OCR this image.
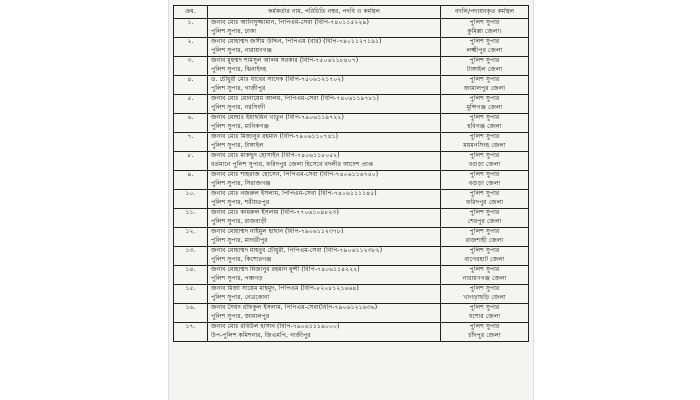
ক্রম.	কর্মকর্তার নাম, পরিচিতি নম্বর, পদবি ও কর্মস্থল	বদলি/পদায়নকৃত কর্মস্থল
১.	জনাব মোঃ আনিসুজ্জামান, পিপিএম-সেবা (বিপি-৭৪০১১৫২২৯)
পুলিশ সুপার, ঢাকা	পুলিশ সুপার
কুমিল্লা জেলা।

২.	জনাব মোহাম্মদ জসীম উদ্দিন, পিপিএম (বার) (বিপি-৭৪০১১২৭১৯১)
পুলিশ সুপার, নারায়ণগঞ্জ	পুলিশ সুপার
লক্ষ্মীপুর জেলা

৩.	জনাব মুহম্মদ শামসুল আলম সরকার (বিপি-৭৫০৬১১৮৪০৭)
পুলিশ সুপার, ঝিনাইদহ	পুলিশ সুপার
টাঙ্গাইল জেলা

৪.	ড. চৌধুরী মোঃ যাবের সাদেক (বিপি-৭৫০৬১২১৭০২)
পুলিশ সুপার, গাজীপুর	পুলিশ সুপার
জামালপুর জেলা

৫.	জনাব মোঃ মোনায়েম আলম, পিপিএম-সেবা (বিপি-৭৪০৬১১৯৭৮১)
পুলিশ সুপার, নরসিংদী	পুলিশ সুপার
মুন্সিগঞ্জ জেলা

৬.	জনাব মোছাঃ ইয়াছমিন খাতুন (বিপি-৭৯০৬১১৯৭২২)
পুলিশ সুপার, মানিকগঞ্জ	পুলিশ সুপার
হবিগঞ্জ জেলা

৭.	জনাব মোঃ মিজানুর রহমান (বিপি-৭৯০৬১১০৭৪১)
পুলিশ সুপার, টাঙ্গাইল	পুলিশ সুপার
ময়মনসিংহ জেলা

৮.	জনাব মোঃ মাকছুদ হোসাইন (বিপি-৭৪০৬১১৮০৫২)
বর্তমানে পুলিশ সুপার, ফরিদপুর জেলা হিসেবে বদলীর আদেশ প্রাপ্ত	পুলিশ সুপার
বগুড়া জেলা

৯.	জনাব মোঃ শাহরাজ হোসেন, পিপিএম-সেবা (বিপি-৭৪০৬১১৬৭৫০)
পুলিশ সুপার, সিরাজগঞ্জ	পুলিশ সুপার
বগুড়া জেলা

১০.	জনাব মোঃ নজরুল ইসলাম, পিপিএম-সেবা (বিপি-৭৪০৬১১১১৪৫)
পুলিশ সুপার, শরীয়তপুর	পুলিশ সুপার
ফরিদপুর জেলা

১১.	জনাব মোঃ কামরুল ইসলাম (বিপি-৭৭০৬১০৯৮২৩)
পুলিশ সুপার, রাজবাড়ী	পুলিশ সুপার
শেরপুর জেলা

১২.	জনাব মোহাম্মদ নাইমুল হাছান (বিপি-৭৯০৬১১২৩৭৮)
পুলিশ সুপার, মাদারীপুর	পুলিশ সুপার
রাজশাহী জেলা

১৩.	জনাব মোহাম্মদ মাহবুব চৌধুরী, পিপিএম-সেবা (বিপি-৭৯০৬১১২৩৮২)
পুলিশ সুপার, কিশোরগঞ্জ	পুলিশ সুপার
বাগেরহাট জেলা

১৪.	জনাব মোহাম্মদ মিজানুর রহমান মুন্সী (বিপি-৭৪০৬১১৪২২২)
পুলিশ সুপার, পঞ্চগড়	পুলিশ সুপার
নারায়ণগঞ্জ জেলা

১৫.	জনাব মির্জা সায়েম মাহমুদ, পিপিএম (বিপি-৮২০৮১২১৬৬৪)
পুলিশ সুপার, নেত্রকোনা	পুলিশ সুপার
খাগড়াছড়ি জেলা

১৬.	জনাব সৈয়দ রফিকুল ইসলাম, পিপিএম-সেবা(বিপি-৭৯০৬১২১৬৩৬)
পুলিশ সুপার, জামালপুর	পুলিশ সুপার
যশোর জেলা

১৭.	জনাব মোঃ রবিউল হাসান (বিপি-৭৯০৬১১১৯০০০)
উপ-পুলিশ কমিশনার, জিএমপি, গাজীপুর	পুলিশ সুপার
চাঁদপুর জেলা
